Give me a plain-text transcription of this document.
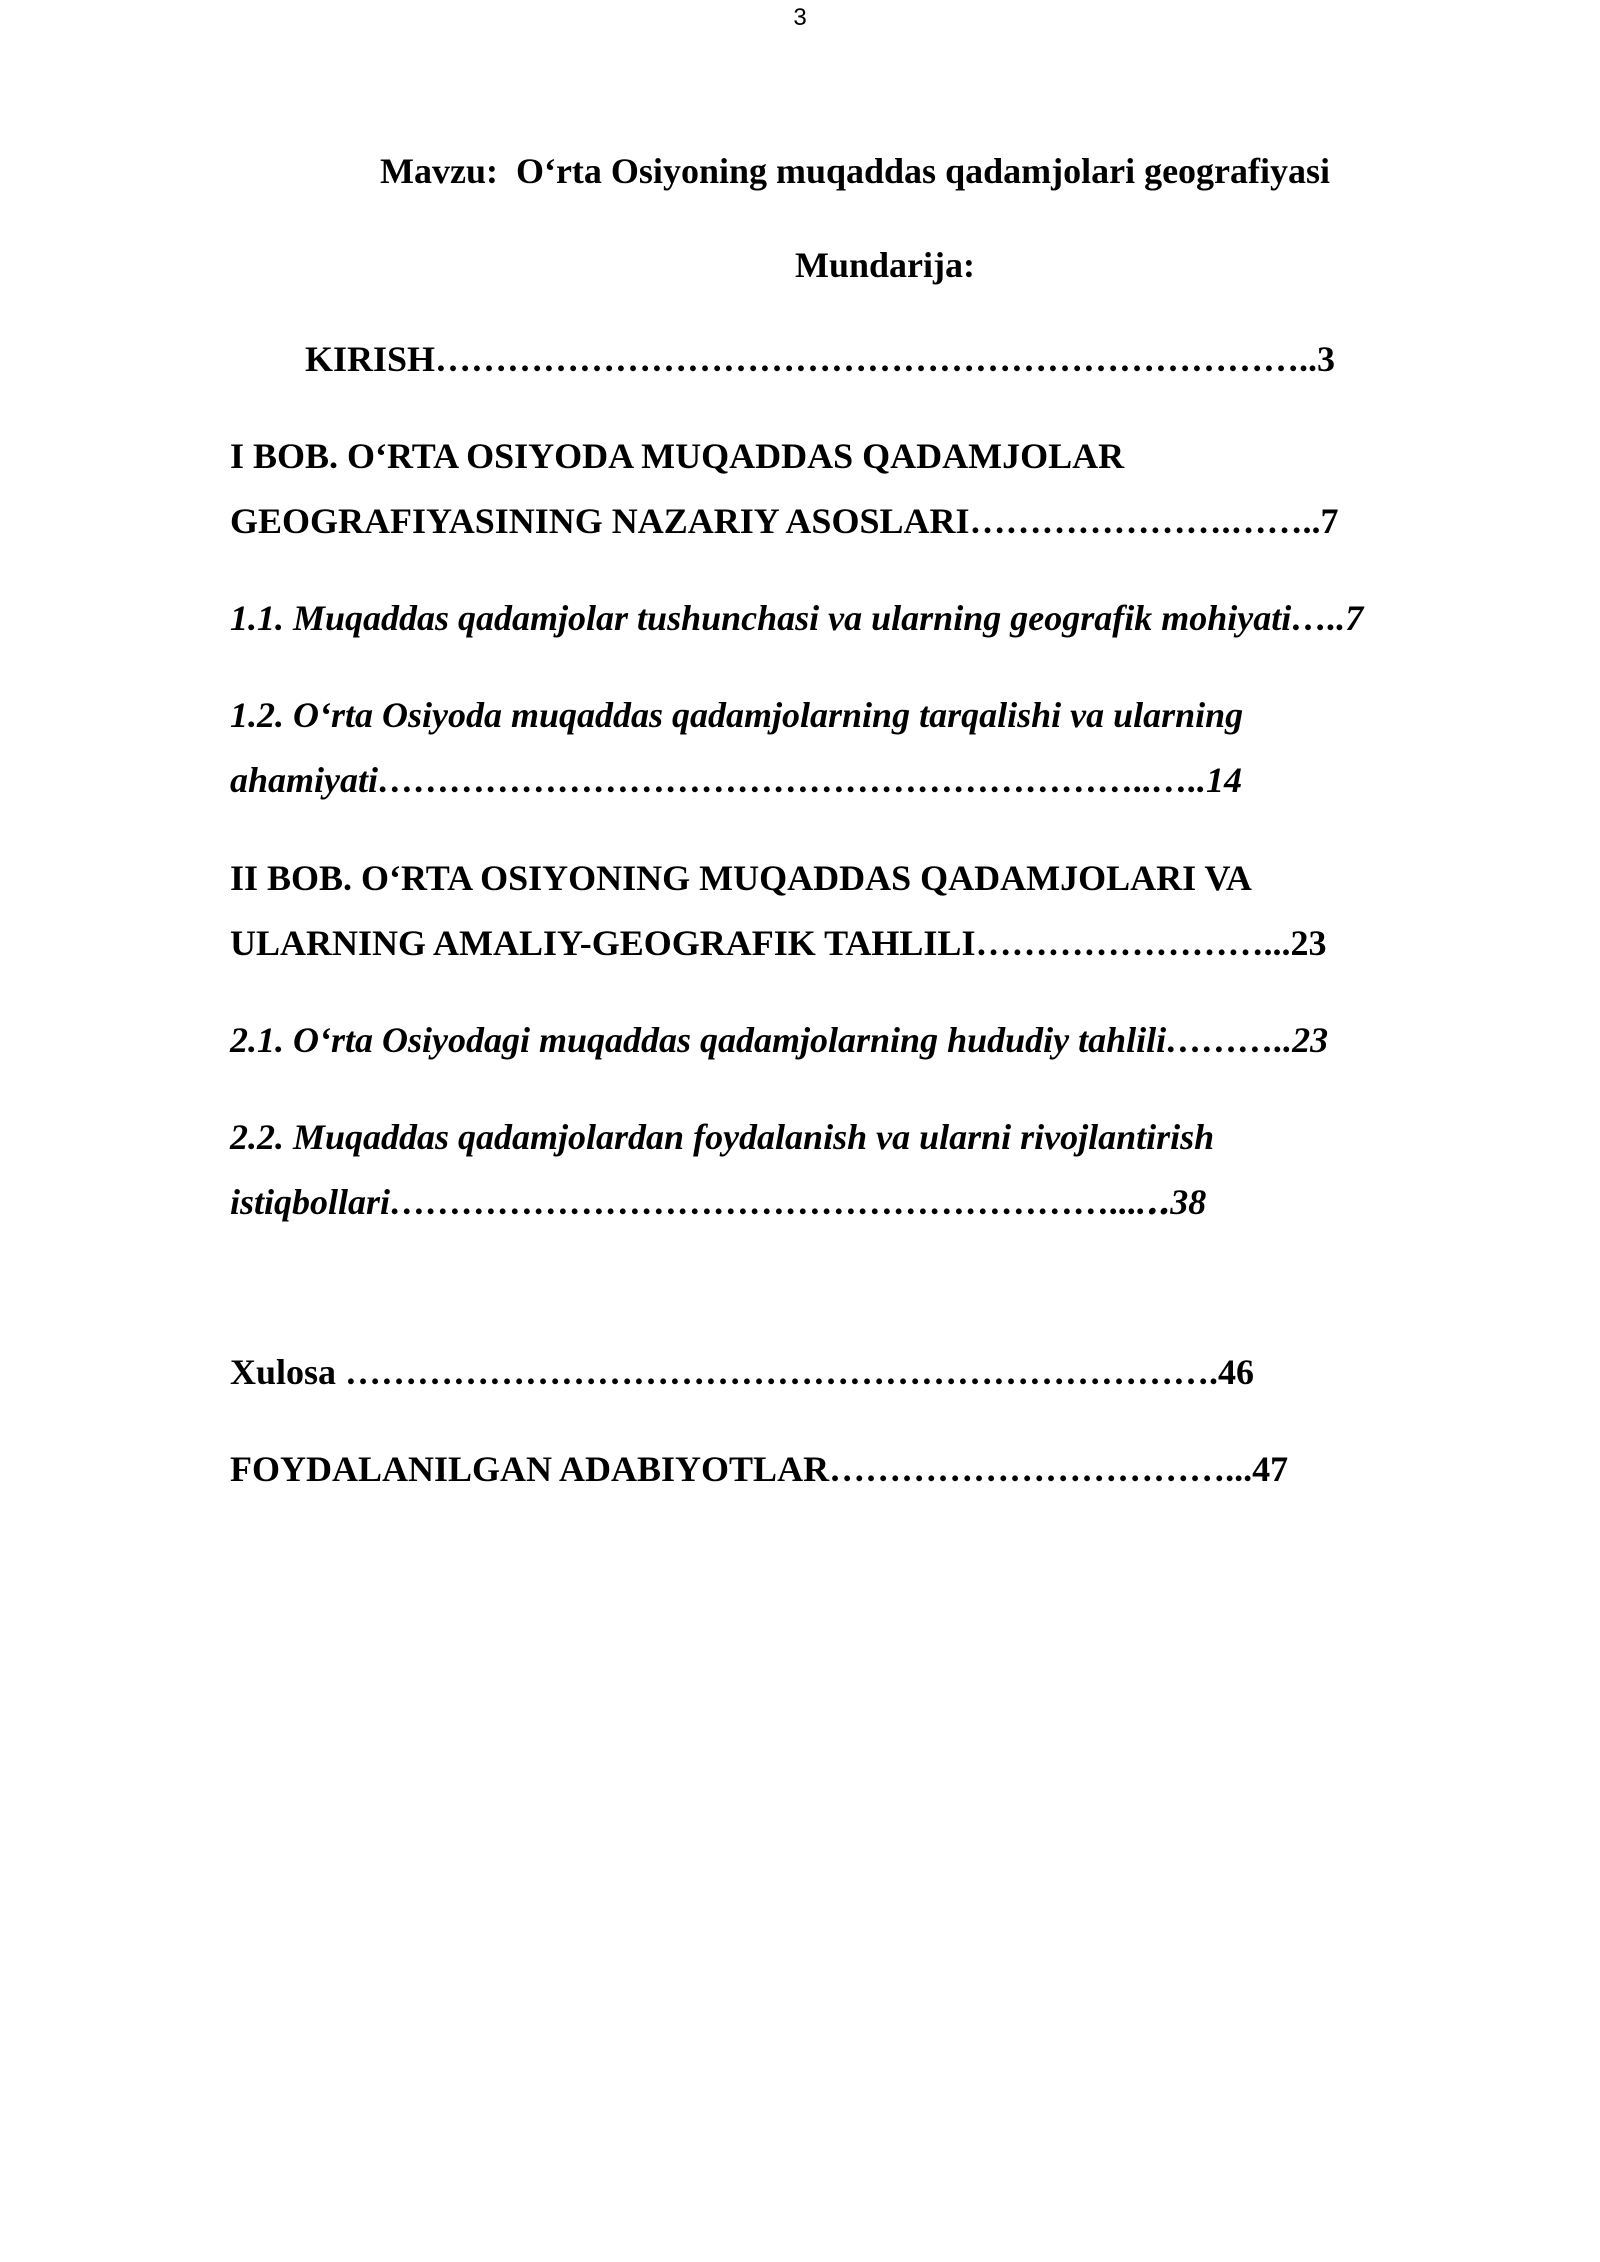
3
Mavzu:  O‘rta Osiyoning muqaddas qadamjolari geografiyasi
Mundarija:
KIRISH………………………………………………………………..3
I BOB. O‘RTA OSIYODA MUQADDAS QADAMJOLAR
GEOGRAFIYASINING NAZARIY ASOSLARI………………….……..7
1.1. Muqaddas qadamjolar tushunchasi va ularning geografik mohiyati…..7
1.2. O‘rta Osiyoda muqaddas qadamjolarning tarqalishi va ularning
ahamiyati………………………………………………………..…..14
II BOB. O‘RTA OSIYONING MUQADDAS QADAMJOLARI VA
ULARNING AMALIY-GEOGRAFIK TAHLILI……………………...23
2.1. O‘rta Osiyodagi muqaddas qadamjolarning hududiy tahlili………..23
2.2. Muqaddas qadamjolardan foydalanish va ularni rivojlantirish
istiqbollari……………………………………………………....‥38
Xulosa ……………………………………………………………….46
FOYDALANILGAN ADABIYOTLAR……………………………...47
